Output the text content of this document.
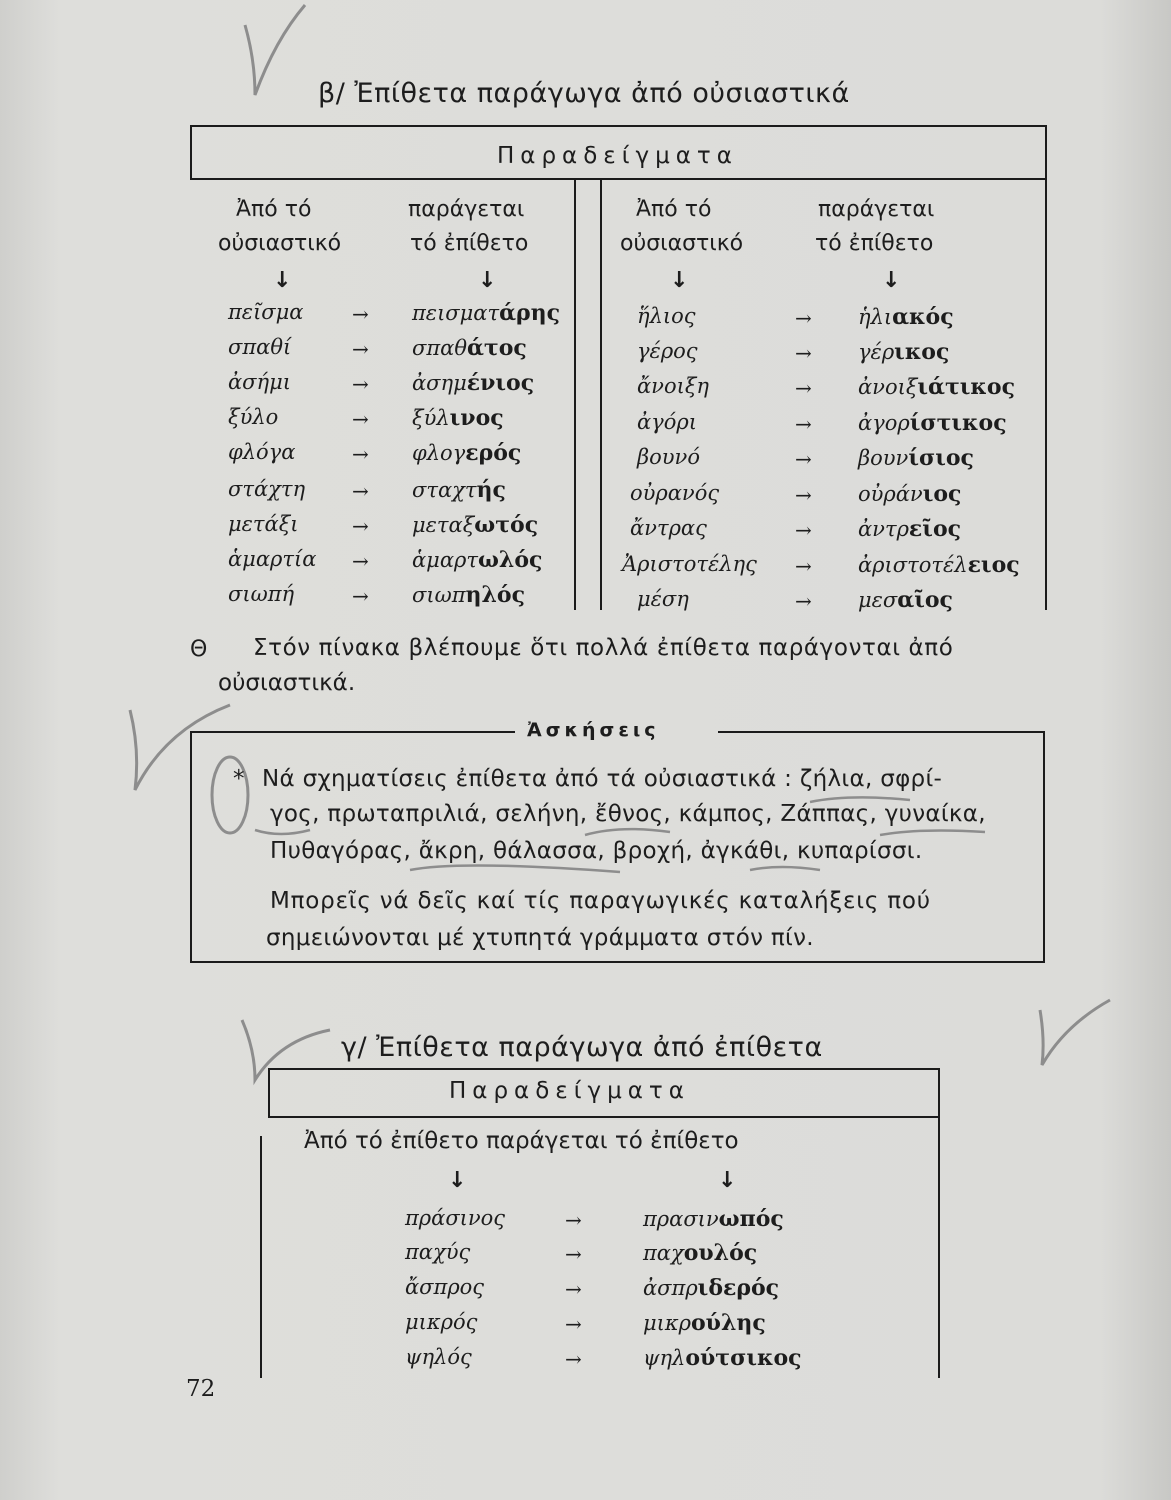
β/ Ἐπίθετα παράγωγα ἀπό οὐσιαστικά
Παραδείγματα
Ἀπό τό
οὐσιαστικό
παράγεται
τό ἐπίθετο
↓	↓
Ἀπό τό
οὐσιαστικό
παράγεται
τό ἐπίθετο
↓	↓
πεῖσμα → πεισματάρης
σπαθί	→ σπαθάτος
ἀσήμι	→ ἀσημένιος
ξύλο	→ ξύλινος
φλόγα	→ φλογερός
στάχτη → σταχτής
μετάξι	→ μεταξωτός
ἁμαρτία → ἁμαρτωλός
σιωπή	→ σιωπηλός
ἥλιος	→ ἡλιακός
γέρος	→ γέρικος
ἄνοιξη	→ ἀνοιξιάτικος
ἀγόρι	→ ἀγορίστικος
βουνό	→ βουνίσιος
οὐρανός	→ οὐράνιος
ἄντρας	→ ἀντρεῖος
Ἀριστοτέλης → ἀριστοτέλειος
μέση	→ μεσαῖος
Θ Στόν πίνακα βλέπουμε ὅτι πολλά ἐπίθετα παράγονται ἀπό
οὐσιαστικά.
Ἀσκήσεις
* Νά σχηματίσεις ἐπίθετα ἀπό τά οὐσιαστικά : ζήλια, σφρί-
γος, πρωταπριλιά, σελήνη, ἔθνος, κάμπος, Ζάππας, γυναίκα,
Πυθαγόρας, ἄκρη, θάλασσα, βροχή, ἀγκάθι, κυπαρίσσι.
Μπορεῖς νά δεῖς καί τίς παραγωγικές καταλήξεις πού
σημειώνονται μέ χτυπητά γράμματα στόν πίν.
γ/ Ἐπίθετα παράγωγα ἀπό ἐπίθετα
Παραδείγματα
Ἀπό τό ἐπίθετο παράγεται τό ἐπίθετο
↓	↓
πράσινος	→	πρασινωπός
παχύς	→	παχουλός
ἄσπρος	→	ἀσπριδερός
μικρός	→	μικρούλης
ψηλός	→	ψηλούτσικος
72
